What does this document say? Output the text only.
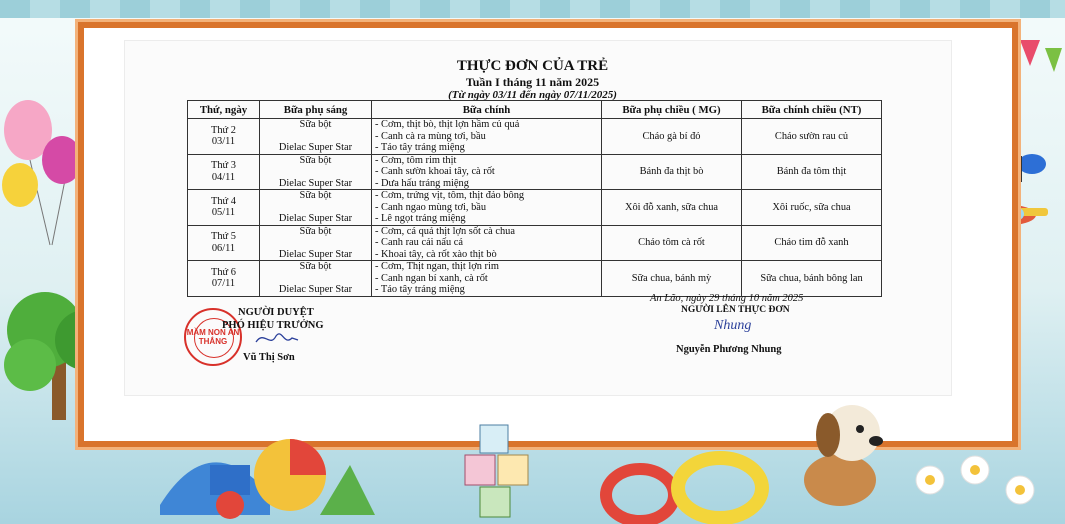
THỰC ĐƠN CỦA TRẺ
Tuần I tháng 11 năm 2025
(Từ ngày 03/11 đến ngày 07/11/2025)
Thứ, ngày	Bữa phụ sáng	Bữa chính	Bữa phụ chiều ( MG)	Bữa chính chiều (NT)

Thứ 2
03/11	Sữa bột

Dielac Super Star	- Cơm, thịt bò, thịt lợn hầm củ quả
- Canh cà ra mùng tơi, bầu
- Táo tây tráng miệng	Cháo gà bí đỏ	Cháo sườn rau củ

Thứ 3
04/11	Sữa bột

Dielac Super Star	- Cơm, tôm rim thịt
- Canh sườn khoai tây, cà rốt
- Dưa hấu tráng miệng	Bánh đa thịt bò	Bánh đa tôm thịt

Thứ 4
05/11	Sữa bột

Dielac Super Star	- Cơm, trứng vịt, tôm, thịt đảo bông
- Canh ngao mùng tơi, bầu
- Lê ngọt tráng miệng	Xôi đỗ xanh, sữa chua	Xôi ruốc, sữa chua

Thứ 5
06/11	Sữa bột

Dielac Super Star	- Cơm, cá quả thịt lợn sốt cà chua
- Canh rau cải nấu cá
- Khoai tây, cà rốt xào thịt bò	Cháo tôm cà rốt	Cháo tim đỗ xanh

Thứ 6
07/11	Sữa bột

Dielac Super Star	- Cơm, Thịt ngan, thịt lợn rim
- Canh ngan bí xanh, cà rốt
- Táo tây tráng miệng	Sữa chua, bánh mỳ	Sữa chua, bánh bông lan
MẦM NON AN THẮNG
NGƯỜI DUYỆT
PHÓ HIỆU TRƯỞNG
Vũ Thị Sơn
An Lão, ngày 29 tháng 10 năm 2025
NGƯỜI LÊN THỰC ĐƠN
Nhung
Nguyễn Phương Nhung
